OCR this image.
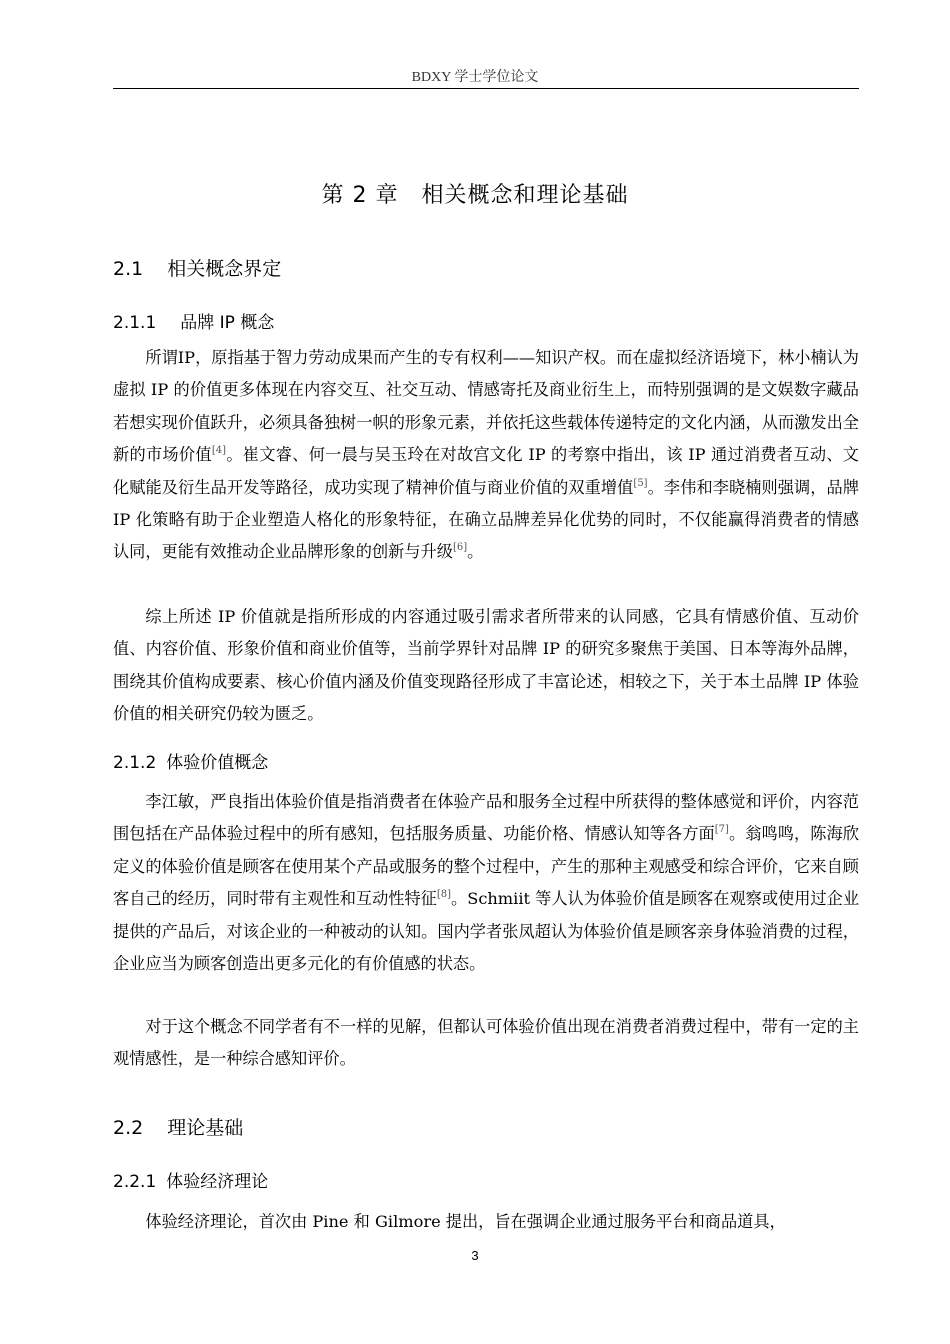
BDXY 学士学位论文
第 2 章　相关概念和理论基础
2.1 相关概念界定
2.1.1 品牌 IP 概念

所谓IP，原指基于智力劳动成果而产生的专有权利——知识产权。而在虚拟经济语境下，林小楠认为虚拟 IP 的价值更多体现在内容交互、社交互动、情感寄托及商业衍生上，而特别强调的是文娱数字藏品若想实现价值跃升，必须具备独树一帜的形象元素，并依托这些载体传递特定的文化内涵，从而激发出全新的市场价值[4]。崔文睿、何一晨与吴玉玲在对故宫文化 IP 的考察中指出，该 IP 通过消费者互动、文化赋能及衍生品开发等路径，成功实现了精神价值与商业价值的双重增值[5]。李伟和李晓楠则强调，品牌 IP 化策略有助于企业塑造人格化的形象特征，在确立品牌差异化优势的同时，不仅能赢得消费者的情感认同，更能有效推动企业品牌形象的创新与升级[6]。

综上所述 IP 价值就是指所形成的内容通过吸引需求者所带来的认同感，它具有情感价值、互动价值、内容价值、形象价值和商业价值等，当前学界针对品牌 IP 的研究多聚焦于美国、日本等海外品牌，围绕其价值构成要素、核心价值内涵及价值变现路径形成了丰富论述，相较之下，关于本土品牌 IP 体验价值的相关研究仍较为匮乏。

2.1.2 体验价值概念

李江敏，严良指出体验价值是指消费者在体验产品和服务全过程中所获得的整体感觉和评价，内容范围包括在产品体验过程中的所有感知，包括服务质量、功能价格、情感认知等各方面[7]。翁鸣鸣，陈海欣定义的体验价值是顾客在使用某个产品或服务的整个过程中，产生的那种主观感受和综合评价，它来自顾客自己的经历，同时带有主观性和互动性特征[8]。Schmiit 等人认为体验价值是顾客在观察或使用过企业提供的产品后，对该企业的一种被动的认知。国内学者张凤超认为体验价值是顾客亲身体验消费的过程，企业应当为顾客创造出更多元化的有价值感的状态。

对于这个概念不同学者有不一样的见解，但都认可体验价值出现在消费者消费过程中，带有一定的主观情感性，是一种综合感知评价。

2.2 理论基础
2.2.1 体验经济理论

体验经济理论，首次由 Pine 和 Gilmore 提出，旨在强调企业通过服务平台和商品道具，

3
